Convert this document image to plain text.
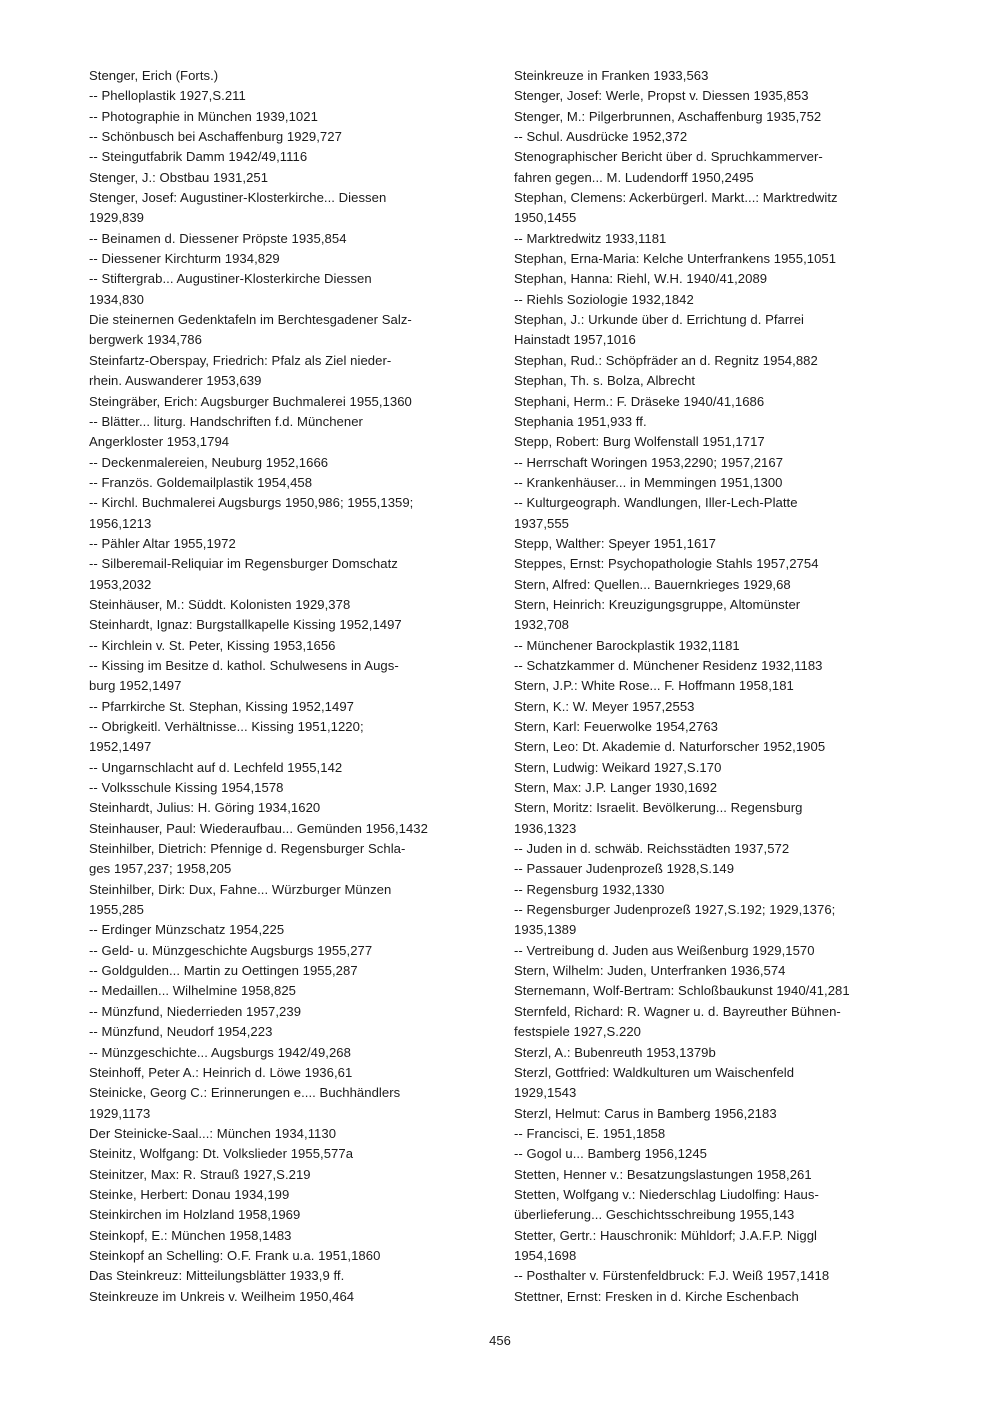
Stenger, Erich (Forts.)
-- Phelloplastik 1927,S.211
-- Photographie in München 1939,1021
-- Schönbusch bei Aschaffenburg 1929,727
-- Steingutfabrik Damm 1942/49,1116
Stenger, J.: Obstbau 1931,251
Stenger, Josef: Augustiner-Klosterkirche... Diessen
1929,839
-- Beinamen d. Diessener Pröpste 1935,854
-- Diessener Kirchturm 1934,829
-- Stiftergrab... Augustiner-Klosterkirche Diessen
1934,830
Die steinernen Gedenktafeln im Berchtesgadener Salz-
bergwerk 1934,786
Steinfartz-Oberspay, Friedrich: Pfalz als Ziel nieder-
rhein. Auswanderer 1953,639
Steingräber, Erich: Augsburger Buchmalerei 1955,1360
-- Blätter... liturg. Handschriften f.d. Münchener
Angerkloster 1953,1794
-- Deckenmalereien, Neuburg 1952,1666
-- Französ. Goldemailplastik 1954,458
-- Kirchl. Buchmalerei Augsburgs 1950,986; 1955,1359;
1956,1213
-- Pähler Altar 1955,1972
-- Silberemail-Reliquiar im Regensburger Domschatz
1953,2032
Steinhäuser, M.: Süddt. Kolonisten 1929,378
Steinhardt, Ignaz: Burgstallkapelle Kissing 1952,1497
-- Kirchlein v. St. Peter, Kissing 1953,1656
-- Kissing im Besitze d. kathol. Schulwesens in Augs-
burg 1952,1497
-- Pfarrkirche St. Stephan, Kissing 1952,1497
-- Obrigkeitl. Verhältnisse... Kissing 1951,1220;
1952,1497
-- Ungarnschlacht auf d. Lechfeld 1955,142
-- Volksschule Kissing 1954,1578
Steinhardt, Julius: H. Göring 1934,1620
Steinhauser, Paul: Wiederaufbau... Gemünden 1956,1432
Steinhilber, Dietrich: Pfennige d. Regensburger Schla-
ges 1957,237; 1958,205
Steinhilber, Dirk: Dux, Fahne... Würzburger Münzen
1955,285
-- Erdinger Münzschatz 1954,225
-- Geld- u. Münzgeschichte Augsburgs 1955,277
-- Goldgulden... Martin zu Oettingen 1955,287
-- Medaillen... Wilhelmine 1958,825
-- Münzfund, Niederrieden 1957,239
-- Münzfund, Neudorf 1954,223
-- Münzgeschichte... Augsburgs 1942/49,268
Steinhoff, Peter A.: Heinrich d. Löwe 1936,61
Steinicke, Georg C.: Erinnerungen e.... Buchhändlers
1929,1173
Der Steinicke-Saal...: München 1934,1130
Steinitz, Wolfgang: Dt. Volkslieder 1955,577a
Steinitzer, Max: R. Strauß 1927,S.219
Steinke, Herbert: Donau 1934,199
Steinkirchen im Holzland 1958,1969
Steinkopf, E.: München 1958,1483
Steinkopf an Schelling: O.F. Frank u.a. 1951,1860
Das Steinkreuz: Mitteilungsblätter 1933,9 ff.
Steinkreuze im Unkreis v. Weilheim 1950,464
Steinkreuze in Franken 1933,563
Stenger, Josef: Werle, Propst v. Diessen 1935,853
Stenger, M.: Pilgerbrunnen, Aschaffenburg 1935,752
-- Schul. Ausdrücke 1952,372
Stenographischer Bericht über d. Spruchkammerver-
fahren gegen... M. Ludendorff 1950,2495
Stephan, Clemens: Ackerbürgerl. Markt...: Marktredwitz
1950,1455
-- Marktredwitz 1933,1181
Stephan, Erna-Maria: Kelche Unterfrankens 1955,1051
Stephan, Hanna: Riehl, W.H. 1940/41,2089
-- Riehls Soziologie 1932,1842
Stephan, J.: Urkunde über d. Errichtung d. Pfarrei
Hainstadt 1957,1016
Stephan, Rud.: Schöpfräder an d. Regnitz 1954,882
Stephan, Th. s. Bolza, Albrecht
Stephani, Herm.: F. Dräseke 1940/41,1686
Stephania 1951,933 ff.
Stepp, Robert: Burg Wolfenstall 1951,1717
-- Herrschaft Woringen 1953,2290; 1957,2167
-- Krankenhäuser... in Memmingen 1951,1300
-- Kulturgeograph. Wandlungen, Iller-Lech-Platte
1937,555
Stepp, Walther: Speyer 1951,1617
Steppes, Ernst: Psychopathologie Stahls 1957,2754
Stern, Alfred: Quellen... Bauernkrieges 1929,68
Stern, Heinrich: Kreuzigungsgruppe, Altomünster
1932,708
-- Münchener Barockplastik 1932,1181
-- Schatzkammer d. Münchener Residenz 1932,1183
Stern, J.P.: White Rose... F. Hoffmann 1958,181
Stern, K.: W. Meyer 1957,2553
Stern, Karl: Feuerwolke 1954,2763
Stern, Leo: Dt. Akademie d. Naturforscher 1952,1905
Stern, Ludwig: Weikard 1927,S.170
Stern, Max: J.P. Langer 1930,1692
Stern, Moritz: Israelit. Bevölkerung... Regensburg
1936,1323
-- Juden in d. schwäb. Reichsstädten 1937,572
-- Passauer Judenprozeß 1928,S.149
-- Regensburg 1932,1330
-- Regensburger Judenprozeß 1927,S.192; 1929,1376;
1935,1389
-- Vertreibung d. Juden aus Weißenburg 1929,1570
Stern, Wilhelm: Juden, Unterfranken 1936,574
Sternemann, Wolf-Bertram: Schloßbaukunst 1940/41,281
Sternfeld, Richard: R. Wagner u. d. Bayreuther Bühnen-
festspiele 1927,S.220
Sterzl, A.: Bubenreuth 1953,1379b
Sterzl, Gottfried: Waldkulturen um Waischenfeld
1929,1543
Sterzl, Helmut: Carus in Bamberg 1956,2183
-- Francisci, E. 1951,1858
-- Gogol u... Bamberg 1956,1245
Stetten, Henner v.: Besatzungslastungen 1958,261
Stetten, Wolfgang v.: Niederschlag Liudolfing: Haus-
überlieferung... Geschichtsschreibung 1955,143
Stetter, Gertr.: Hauschronik: Mühldorf; J.A.F.P. Niggl
1954,1698
-- Posthalter v. Fürstenfeldbruck: F.J. Weiß 1957,1418
Stettner, Ernst: Fresken in d. Kirche Eschenbach
456
